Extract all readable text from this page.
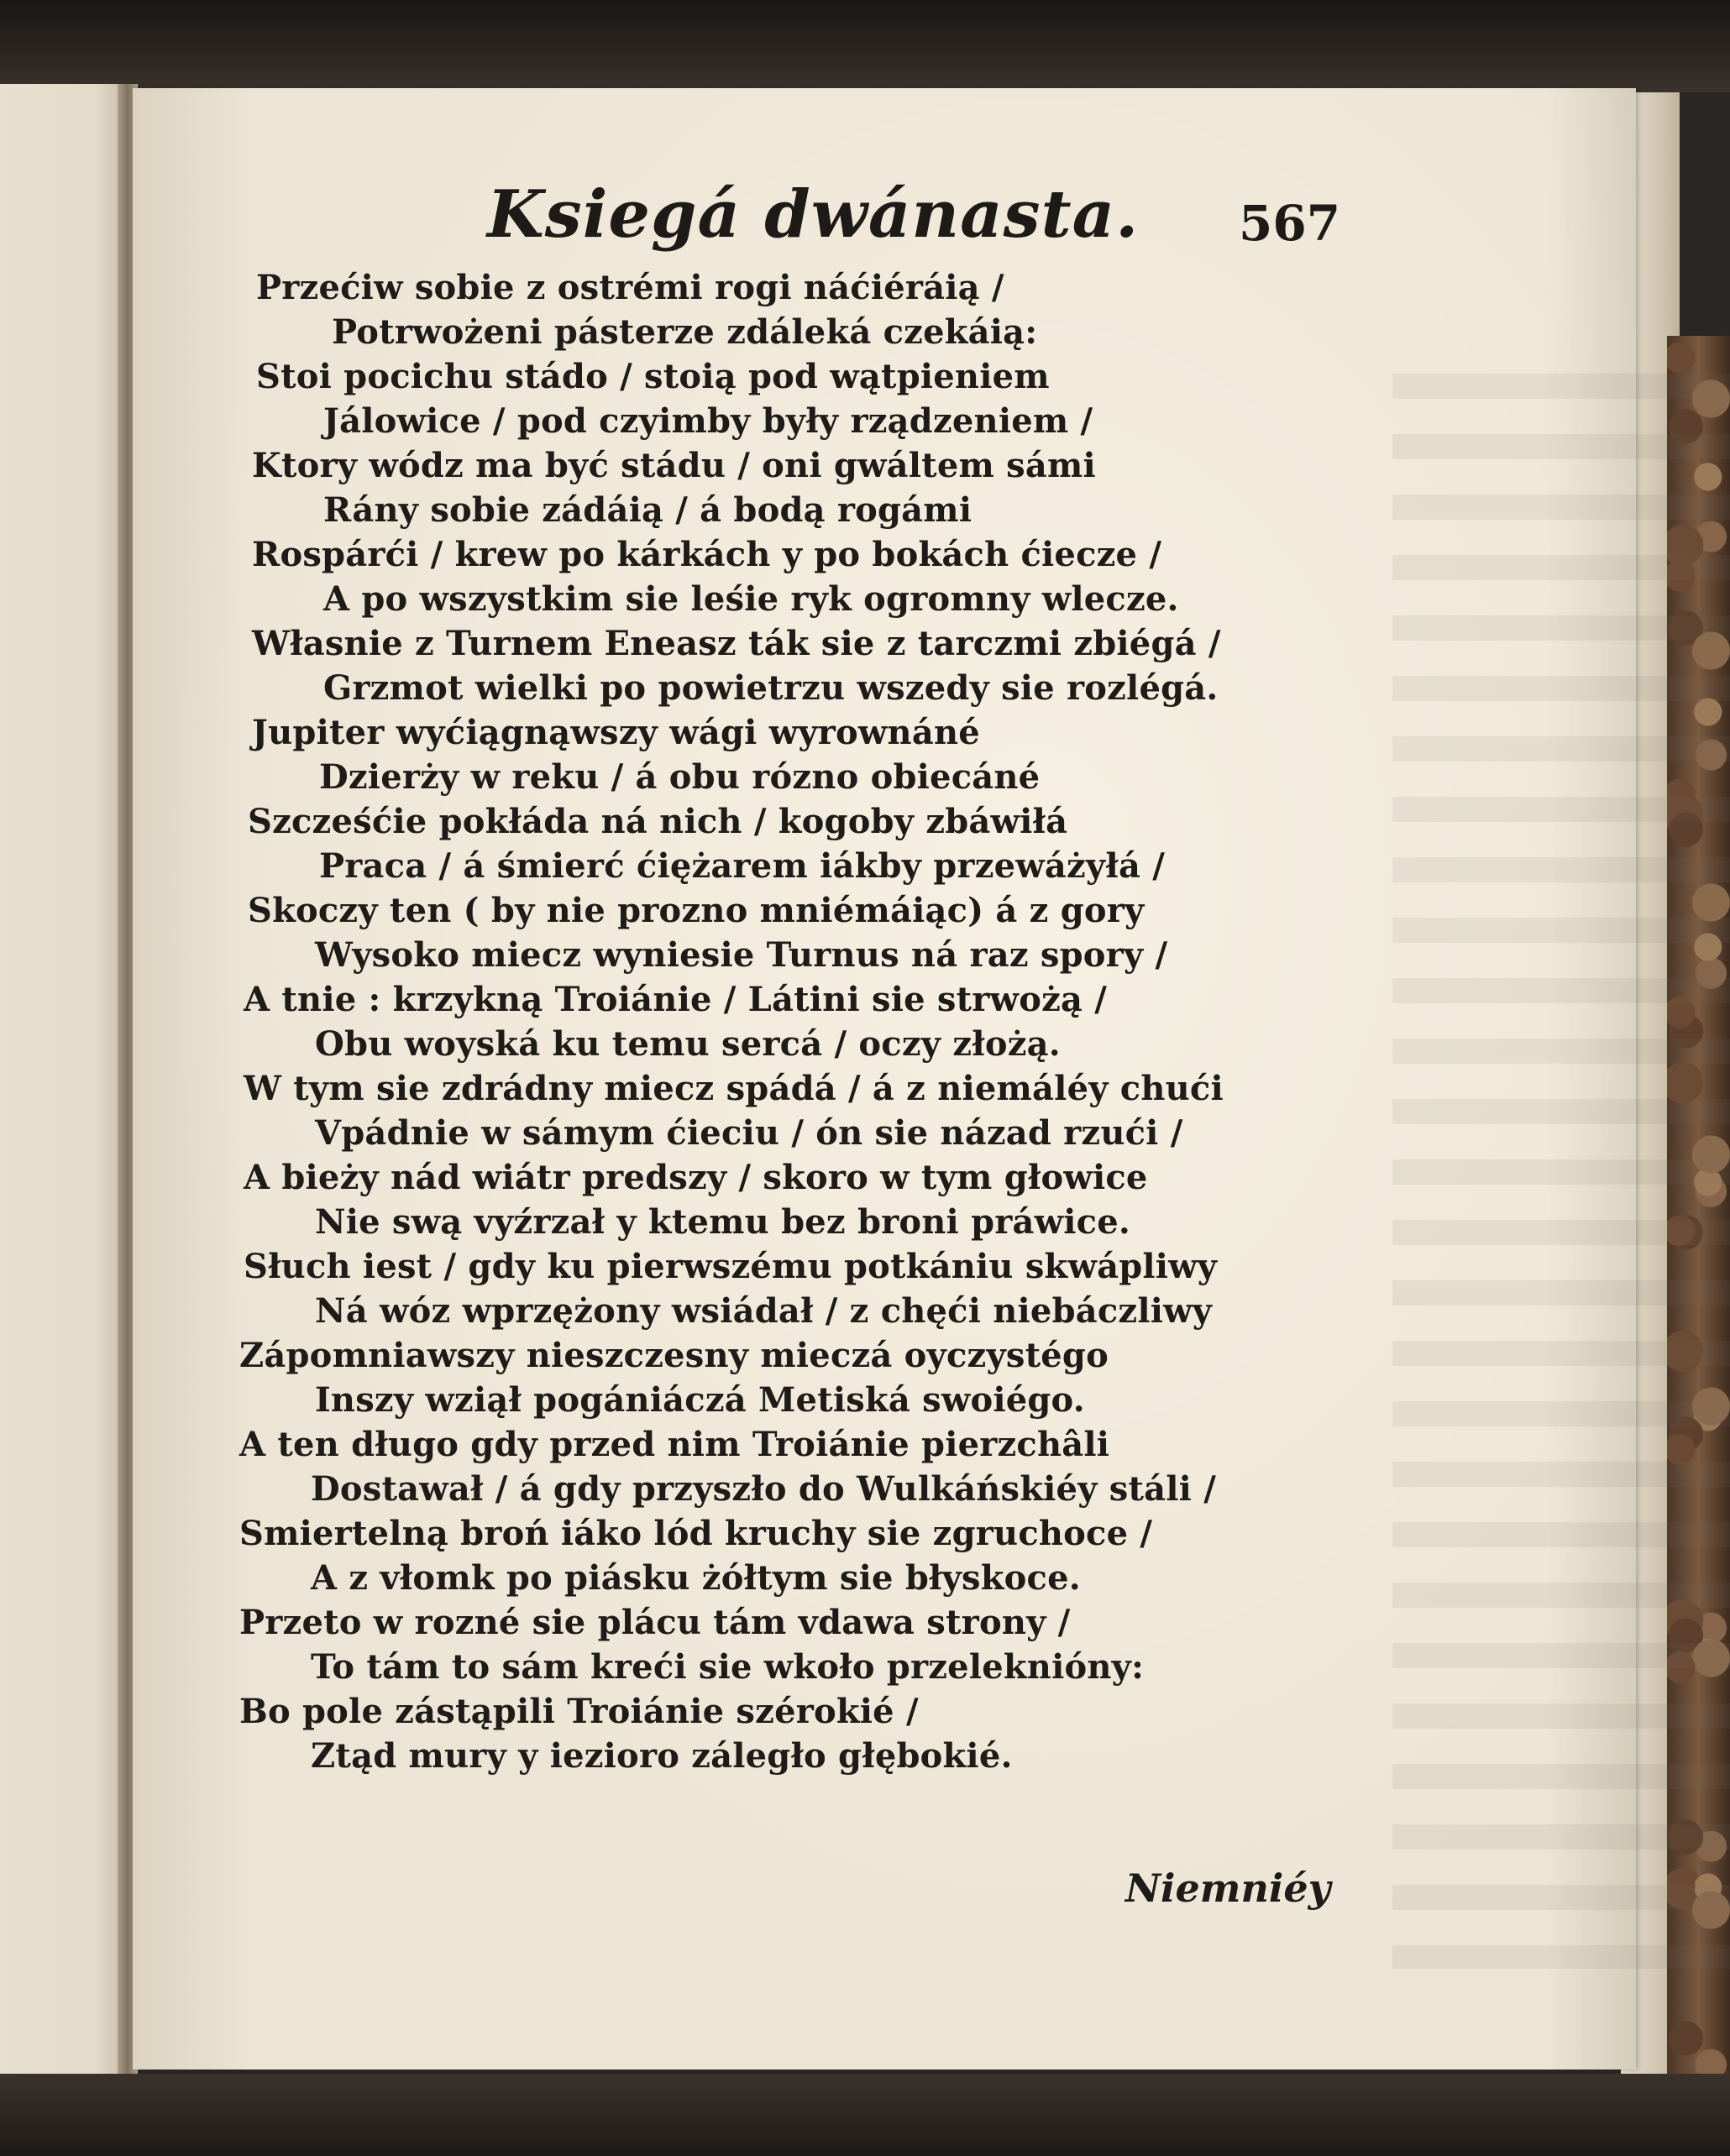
Ksiegá dwánasta. 567
Przećiw sobie z ostrémi rogi náćiéráią /
Potrwożeni pásterze zdáleká czekáią:
Stoi pocichu stádo / stoią pod wątpieniem
Jálowice / pod czyimby były rządzeniem /
Ktory wódz ma być stádu / oni gwáltem sámi
Rány sobie zádáią / á bodą rogámi
Rospárći / krew po kárkách y po bokách ćiecze /
A po wszystkim sie leśie ryk ogromny wlecze.
Własnie z Turnem Eneasz ták sie z tarczmi zbiégá /
Grzmot wielki po powietrzu wszedy sie rozlégá.
Jupiter wyćiągnąwszy wági wyrownáné
Dzierży w reku / á obu rózno obiecáné
Szcześćie pokłáda ná nich / kogoby zbáwiłá
Praca / á śmierć ćiężarem iákby przewáżyłá /
Skoczy ten ( by nie prozno mniémáiąc) á z gory
Wysoko miecz wyniesie Turnus ná raz spory /
A tnie : krzykną Troiánie / Látini sie strwożą /
Obu woyská ku temu sercá / oczy złożą.
W tym sie zdrádny miecz spádá / á z niemáléy chući
Vpádnie w sámym ćieciu / ón sie názad rzući /
A bieży nád wiátr predszy / skoro w tym głowice
Nie swą vyźrzał y ktemu bez broni práwice.
Słuch iest / gdy ku pierwszému potkániu skwápliwy
Ná wóz wprzężony wsiádał / z chęći niebáczliwy
Zápomniawszy nieszczesny mieczá oyczystégo
Inszy wziął pogániáczá Metiská swoiégo.
A ten długo gdy przed nim Troiánie pierzchâli
Dostawał / á gdy przyszło do Wulkáńskiéy stáli /
Smiertelną broń iáko lód kruchy sie zgruchoce /
A z vłomk po piásku żółtym sie błyskoce.
Przeto w rozné sie plácu tám vdawa strony /
To tám to sám kreći sie wkoło przeleknióny:
Bo pole zástąpili Troiánie szérokié /
Ztąd mury y iezioro záległo głębokié.
Niemniéy
